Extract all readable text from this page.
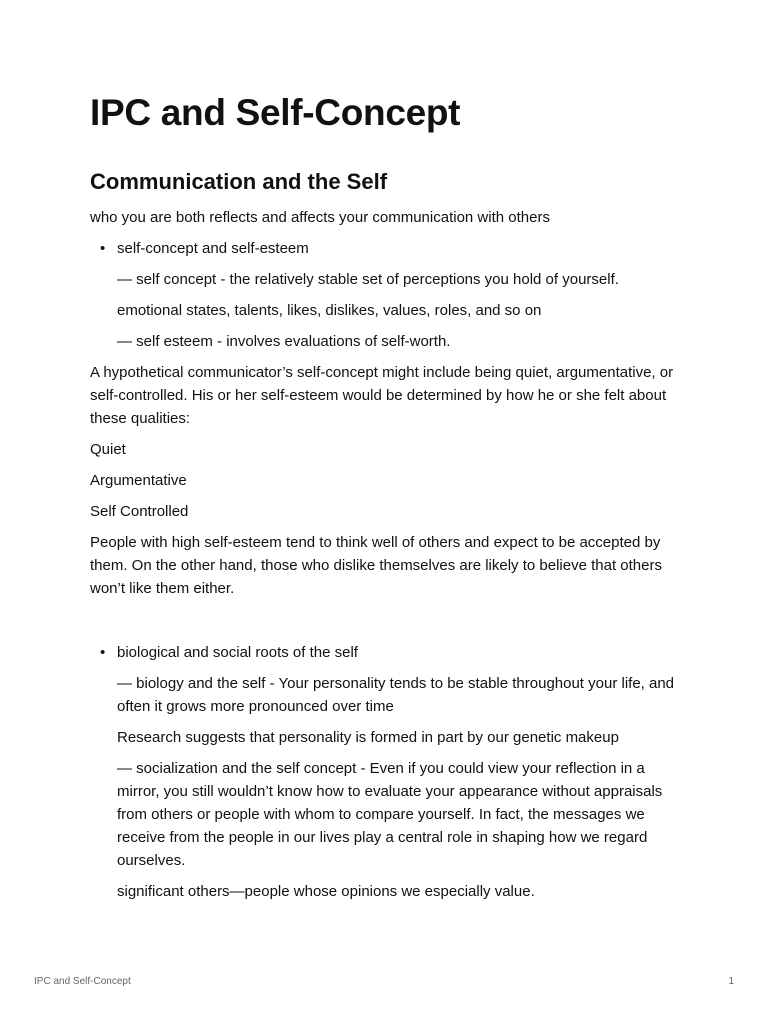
IPC and Self-Concept
Communication and the Self

who you are both reflects and affects your communication with others

• self-concept and self-esteem

— self concept - the relatively stable set of perceptions you hold of yourself.

emotional states, talents, likes, dislikes, values, roles, and so on

— self esteem - involves evaluations of self-worth.

A hypothetical communicator’s self-concept might include being quiet, argumentative, or self-controlled. His or her self-esteem would be determined by how he or she felt about these qualities:

Quiet

Argumentative

Self Controlled

People with high self-esteem tend to think well of others and expect to be accepted by them. On the other hand, those who dislike themselves are likely to believe that others won’t like them either.

• biological and social roots of the self

— biology and the self - Your personality tends to be stable throughout your life, and often it grows more pronounced over time

Research suggests that personality is formed in part by our genetic makeup

— socialization and the self concept - Even if you could view your reflection in a mirror, you still wouldn’t know how to evaluate your appearance without appraisals from others or people with whom to compare yourself. In fact, the messages we receive from the people in our lives play a central role in shaping how we regard ourselves.

significant others—people whose opinions we especially value.

IPC and Self-Concept	1
